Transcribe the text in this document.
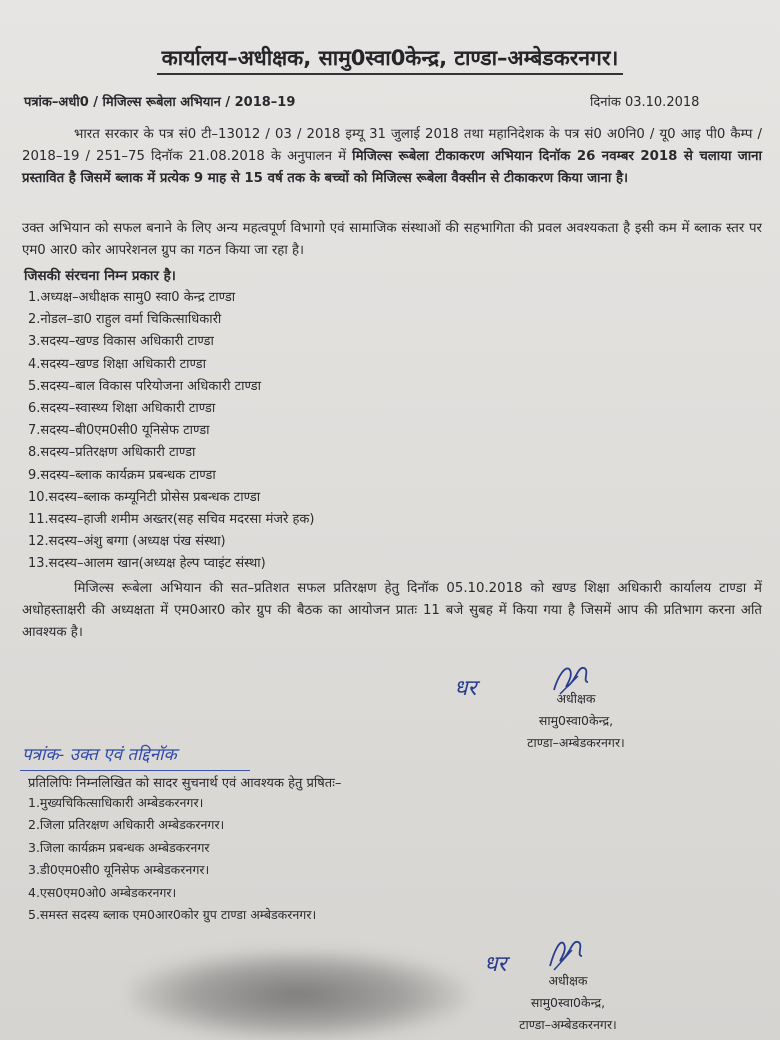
कार्यालय–अधीक्षक, सामु0स्वा0केन्द्र, टाण्डा–अम्बेडकरनगर।
पत्रांक–अधी0 / मिजिल्स रूबेला अभियान / 2018–19	दिनांक 03.10.2018
भारत सरकार के पत्र सं0 टी–13012 / 03 / 2018 इम्यू 31 जुलाई 2018 तथा महानिदेशक के पत्र सं0 अ0नि0 / यू0 आइ पी0 कैम्प / 2018–19 / 251–75 दिनॉक 21.08.2018 के अनुपालन में मिजिल्स रूबेला टीकाकरण अभियान दिनॉक 26 नवम्बर 2018 से चलाया जाना प्रस्तावित है जिसमें ब्लाक में प्रत्येक 9 माह से 15 वर्ष तक के बच्चों को मिजिल्स रूबेला वैक्सीन से टीकाकरण किया जाना है।
उक्त अभियान को सफल बनाने के लिए अन्य महत्वपूर्ण विभागो एवं सामाजिक संस्थाओं की सहभागिता की प्रवल अवश्यकता है इसी कम में ब्लाक स्तर पर एम0 आर0 कोर आपरेशनल ग्रुप का गठन किया जा रहा है।
जिसकी संरचना निम्न प्रकार है।
1.अध्यक्ष–अधीक्षक सामु0 स्वा0 केन्द्र टाण्डा
2.नोडल–डा0 राहुल वर्मा चिकित्साधिकारी
3.सदस्य–खण्ड विकास अधिकारी टाण्डा
4.सदस्य–खण्ड शिक्षा अधिकारी टाण्डा
5.सदस्य–बाल विकास परियोजना अधिकारी टाण्डा
6.सदस्य–स्वास्थ्य शिक्षा अधिकारी टाण्डा
7.सदस्य–बी0एम0सी0 यूनिसेफ टाण्डा
8.सदस्य–प्रतिरक्षण अधिकारी टाण्डा
9.सदस्य–ब्लाक कार्यक्रम प्रबन्धक टाण्डा
10.सदस्य–ब्लाक कम्यूनिटी प्रोसेस प्रबन्धक टाण्डा
11.सदस्य–हाजी शमीम अख्तर(सह सचिव मदरसा मंजरे हक)
12.सदस्य–अंशु बग्गा (अध्यक्ष पंख संस्था)
13.सदस्य–आलम खान(अध्यक्ष हेल्प प्वाइंट संस्था)
मिजिल्स रूबेला अभियान की सत–प्रतिशत सफल प्रतिरक्षण हेतु दिनॉक 05.10.2018 को खण्ड शिक्षा अधिकारी कार्यालय टाण्डा में अधोहस्ताक्षरी की अध्यक्षता में एम0आर0 कोर ग्रुप की बैठक का आयोजन प्रातः 11 बजे सुबह में किया गया है जिसमें आप की प्रतिभाग करना अति आवश्यक है।
धर	अधीक्षक
सामु0स्वा0केन्द्र,
टाण्डा–अम्बेडकरनगर।
पत्रांक- उक्त एवं तद्दिनॉक
प्रतिलिपिः निम्नलिखित को सादर सुचनार्थ एवं आवश्यक हेतु प्रषितः–
1.मुख्यचिकित्साधिकारी अम्बेडकरनगर।
2.जिला प्रतिरक्षण अधिकारी अम्बेडकरनगर।
3.जिला कार्यक्रम प्रबन्धक अम्बेडकरनगर
3.डी0एम0सी0 यूनिसेफ अम्बेडकरनगर।
4.एस0एम0ओ0 अम्बेडकरनगर।
5.समस्त सदस्य ब्लाक एम0आर0कोर ग्रुप टाण्डा अम्बेडकरनगर।
धर
अधीक्षक
सामु0स्वा0केन्द्र,
टाण्डा–अम्बेडकरनगर।
